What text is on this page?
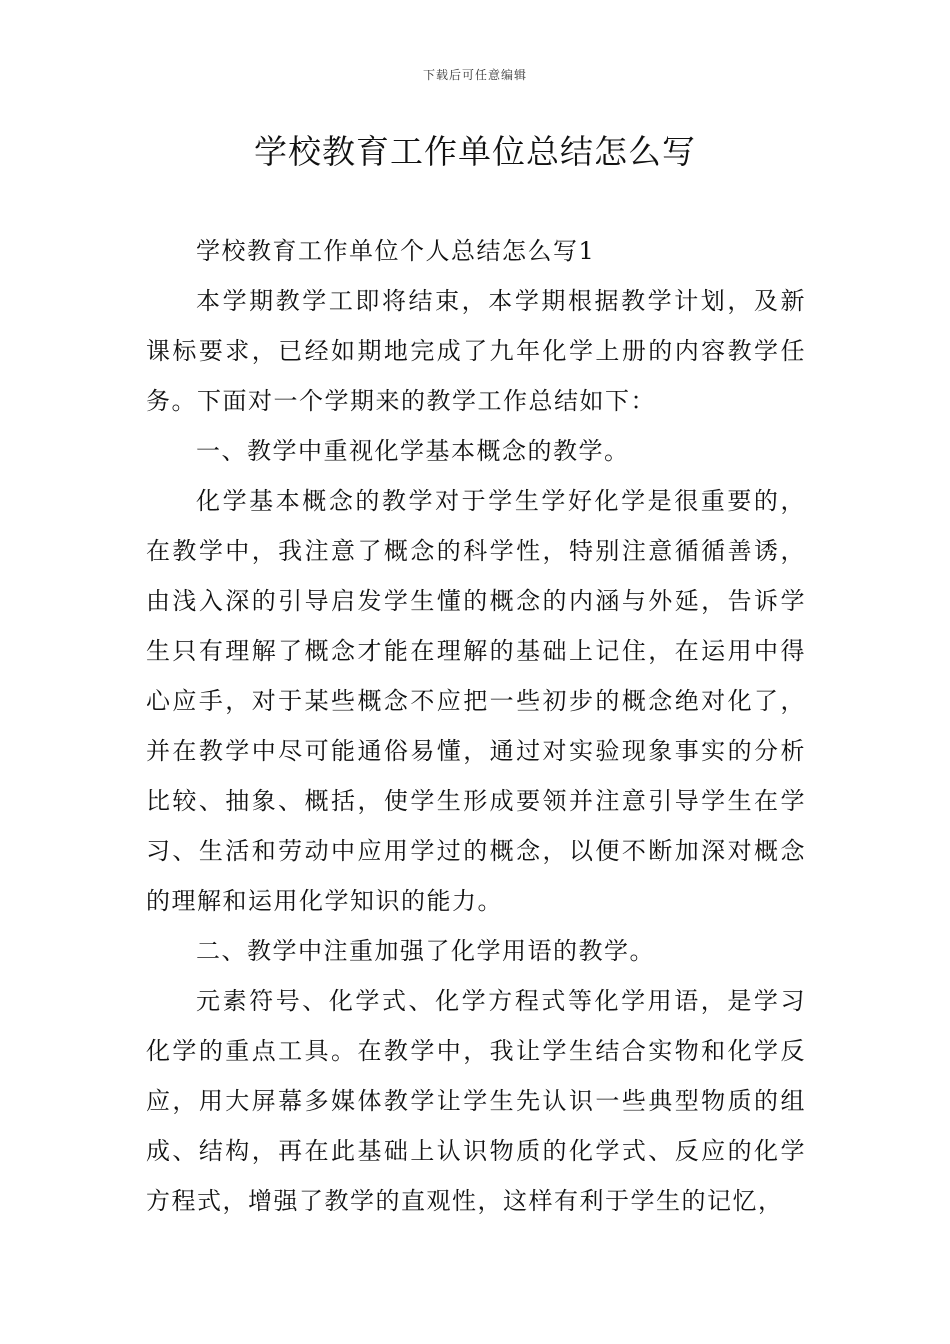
下载后可任意编辑
学校教育工作单位总结怎么写

学校教育工作单位个人总结怎么写1

本学期教学工即将结束，本学期根据教学计划，及新课标要求，已经如期地完成了九年化学上册的内容教学任务。下面对一个学期来的教学工作总结如下：

一、教学中重视化学基本概念的教学。

化学基本概念的教学对于学生学好化学是很重要的，在教学中，我注意了概念的科学性，特别注意循循善诱，由浅入深的引导启发学生懂的概念的内涵与外延，告诉学生只有理解了概念才能在理解的基础上记住，在运用中得心应手，对于某些概念不应把一些初步的概念绝对化了，并在教学中尽可能通俗易懂，通过对实验现象事实的分析比较、抽象、概括，使学生形成要领并注意引导学生在学习、生活和劳动中应用学过的概念，以便不断加深对概念的理解和运用化学知识的能力。

二、教学中注重加强了化学用语的教学。

元素符号、化学式、化学方程式等化学用语，是学习化学的重点工具。在教学中，我让学生结合实物和化学反应，用大屏幕多媒体教学让学生先认识一些典型物质的组成、结构，再在此基础上认识物质的化学式、反应的化学方程式，增强了教学的直观性，这样有利于学生的记忆，
